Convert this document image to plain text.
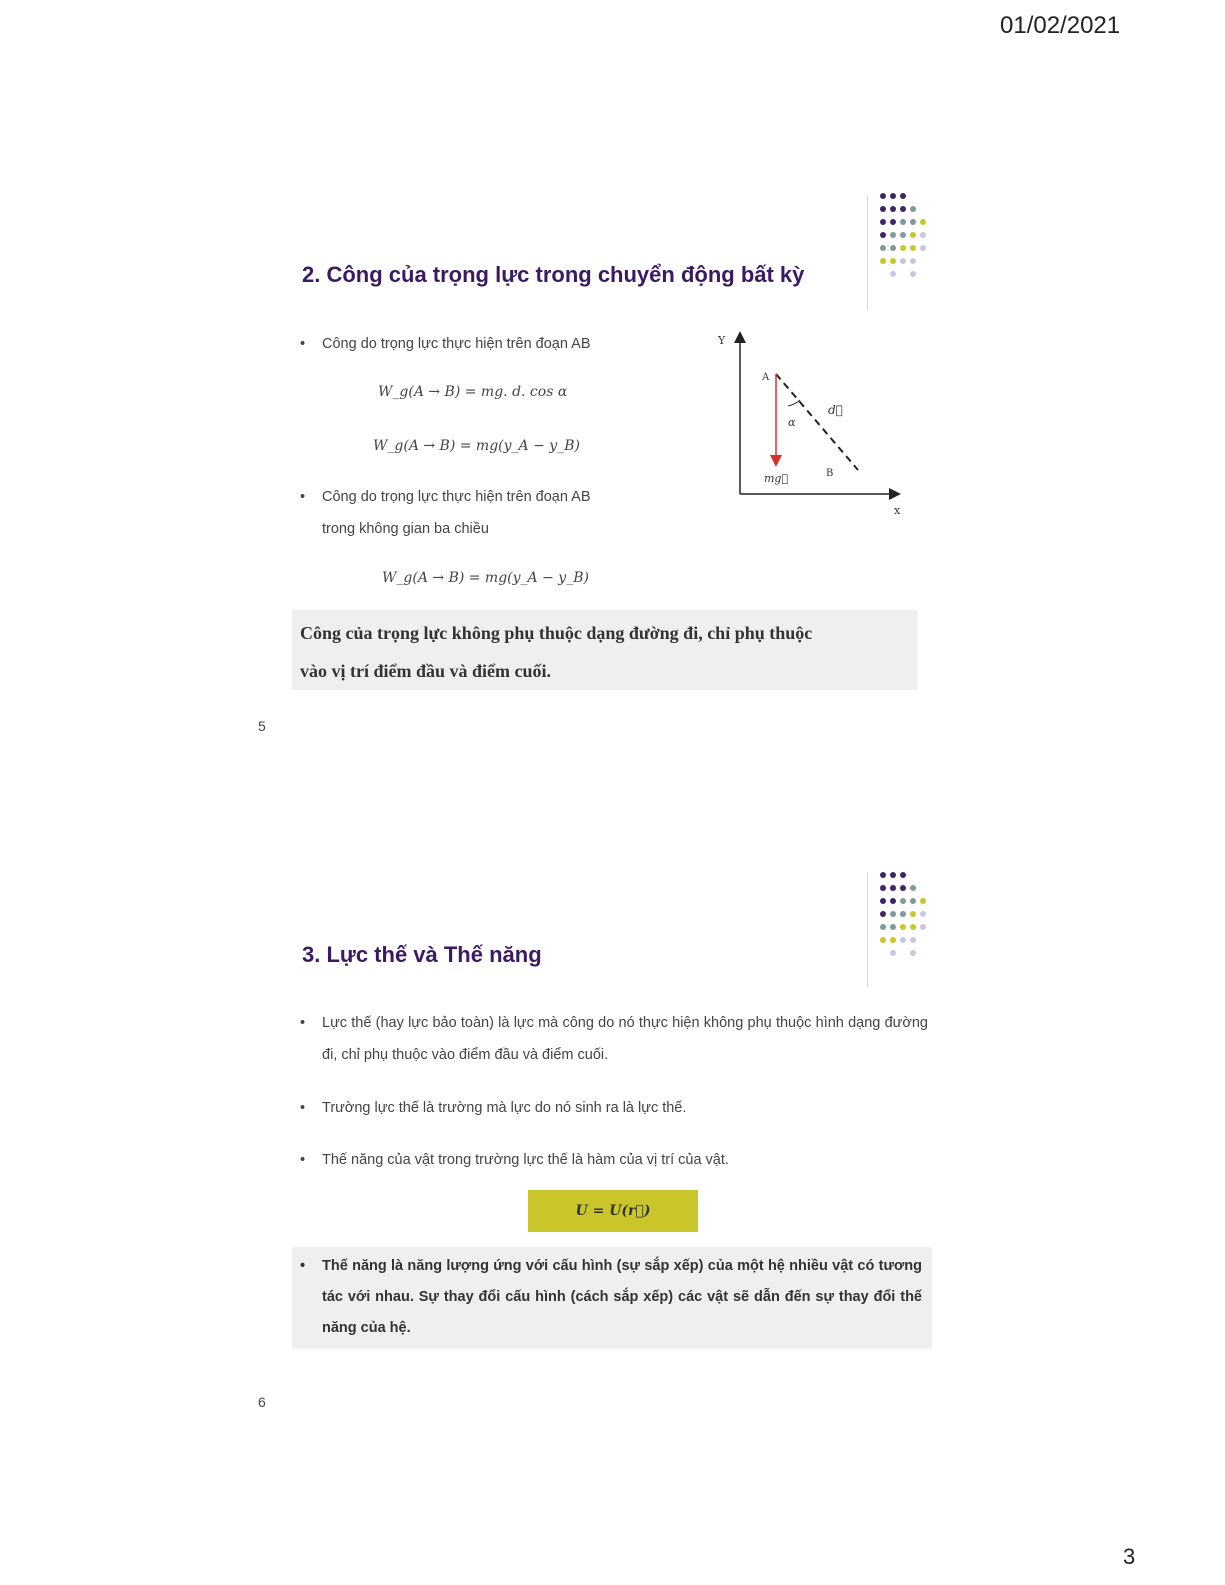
01/02/2021
3
2. Công của trọng lực trong chuyển động bất kỳ
• Công do trọng lực thực hiện trên đoạn AB
W_g(A → B) = mg. d. cos α
W_g(A → B) = mg(y_A − y_B)
• Công do trọng lực thực hiện trên đoạn AB
trong không gian ba chiều
W_g(A → B) = mg(y_A − y_B)
Công của trọng lực không phụ thuộc dạng đường đi, chỉ phụ thuộc
vào vị trí điểm đầu và điểm cuối.
Y
x
A
B
d⃗
α
mg⃗
5
3. Lực thế và Thế năng
• Lực thế (hay lực bảo toàn) là lực mà công do nó thực hiện không phụ thuộc hình dạng đường đi, chỉ phụ thuộc vào điểm đầu và điểm cuối.
• Trường lực thế là trường mà lực do nó sinh ra là lực thế.
• Thế năng của vật trong trường lực thế là hàm của vị trí của vật.
U = U(r⃗)
• Thế năng là năng lượng ứng với cấu hình (sự sắp xếp) của một hệ nhiều vật có tương tác với nhau. Sự thay đổi cấu hình (cách sắp xếp) các vật sẽ dẫn đến sự thay đổi thế năng của hệ.
6
